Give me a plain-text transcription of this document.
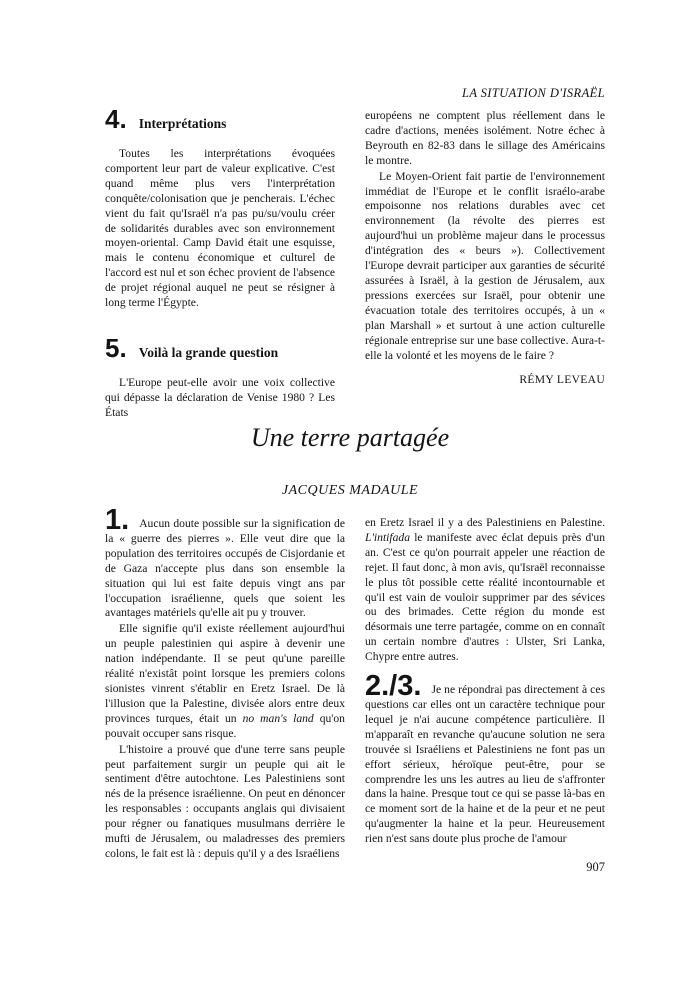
LA SITUATION D'ISRAËL
4. Interprétations

Toutes les interprétations évoquées comportent leur part de valeur explicative. C'est quand même plus vers l'interprétation conquête/colonisation que je pencherais. L'échec vient du fait qu'Israël n'a pas pu/su/voulu créer de solidarités durables avec son environnement moyen-oriental. Camp David était une esquisse, mais le contenu économique et culturel de l'accord est nul et son échec provient de l'absence de projet régional auquel ne peut se résigner à long terme l'Égypte.

5. Voilà la grande question

L'Europe peut-elle avoir une voix collective qui dépasse la déclaration de Venise 1980 ? Les États

européens ne comptent plus réellement dans le cadre d'actions, menées isolément. Notre échec à Beyrouth en 82-83 dans le sillage des Américains le montre.

Le Moyen-Orient fait partie de l'environnement immédiat de l'Europe et le conflit israélo-arabe empoisonne nos relations durables avec cet environnement (la révolte des pierres est aujourd'hui un problème majeur dans le processus d'intégration des « beurs »). Collectivement l'Europe devrait participer aux garanties de sécurité assurées à Israël, à la gestion de Jérusalem, aux pressions exercées sur Israël, pour obtenir une évacuation totale des territoires occupés, à un « plan Marshall » et surtout à une action culturelle régionale entreprise sur une base collective. Aura-t-elle la volonté et les moyens de le faire ?

RÉMY LEVEAU
Une terre partagée
JACQUES MADAULE

1. Aucun doute possible sur la signification de la « guerre des pierres ». Elle veut dire que la population des territoires occupés de Cisjordanie et de Gaza n'accepte plus dans son ensemble la situation qui lui est faite depuis vingt ans par l'occupation israélienne, quels que soient les avantages matériels qu'elle ait pu y trouver.

Elle signifie qu'il existe réellement aujourd'hui un peuple palestinien qui aspire à devenir une nation indépendante. Il se peut qu'une pareille réalité n'existât point lorsque les premiers colons sionistes vinrent s'établir en Eretz Israel. De là l'illusion que la Palestine, divisée alors entre deux provinces turques, était un no man's land qu'on pouvait occuper sans risque.

L'histoire a prouvé que d'une terre sans peuple peut parfaitement surgir un peuple qui ait le sentiment d'être autochtone. Les Palestiniens sont nés de la présence israélienne. On peut en dénoncer les responsables : occupants anglais qui divisaient pour régner ou fanatiques musulmans derrière le mufti de Jérusalem, ou maladresses des premiers colons, le fait est là : depuis qu'il y a des Israéliens

en Eretz Israel il y a des Palestiniens en Palestine. L'intifada le manifeste avec éclat depuis près d'un an. C'est ce qu'on pourrait appeler une réaction de rejet. Il faut donc, à mon avis, qu'Israël reconnaisse le plus tôt possible cette réalité incontournable et qu'il est vain de vouloir supprimer par des sévices ou des brimades. Cette région du monde est désormais une terre partagée, comme on en connaît un certain nombre d'autres : Ulster, Sri Lanka, Chypre entre autres.

2./3. Je ne répondrai pas directement à ces questions car elles ont un caractère technique pour lequel je n'ai aucune compétence particulière. Il m'apparaît en revanche qu'aucune solution ne sera trouvée si Israéliens et Palestiniens ne font pas un effort sérieux, héroïque peut-être, pour se comprendre les uns les autres au lieu de s'affronter dans la haine. Presque tout ce qui se passe là-bas en ce moment sort de la haine et de la peur et ne peut qu'augmenter la haine et la peur. Heureusement rien n'est sans doute plus proche de l'amour

907
